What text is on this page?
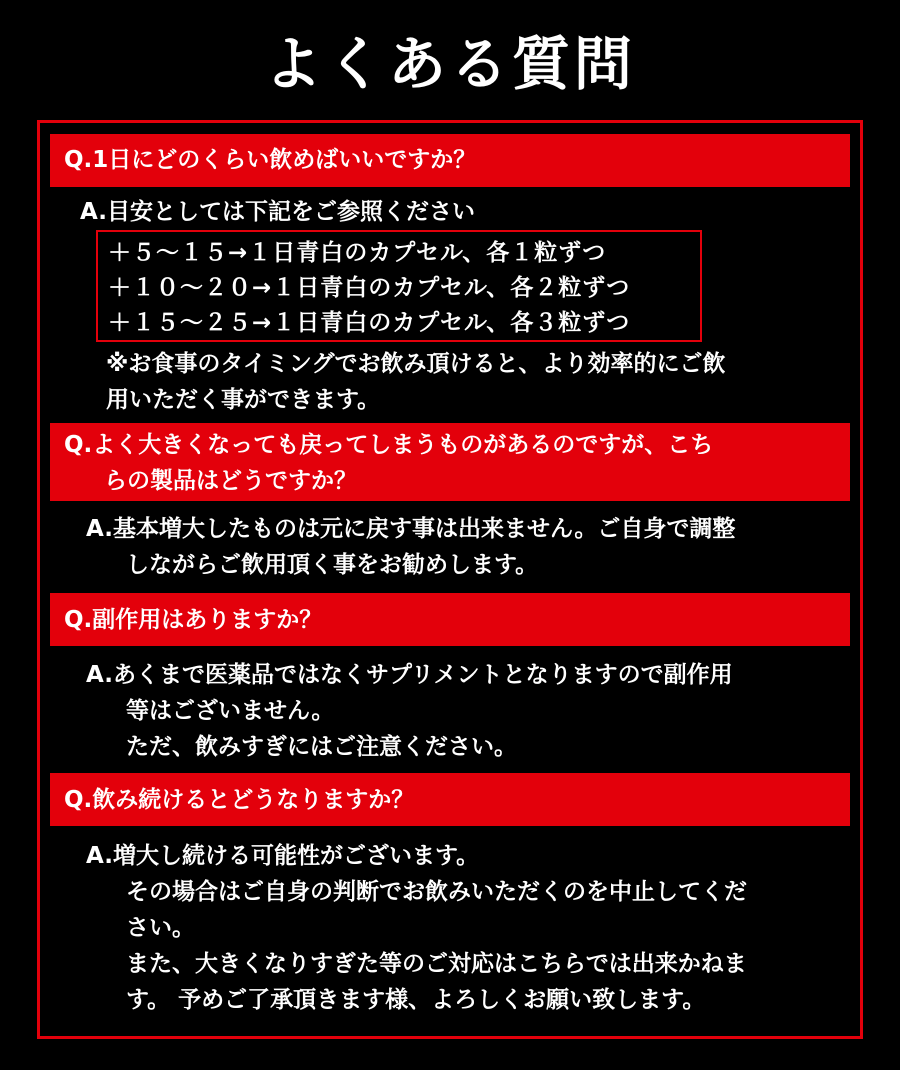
よくある質問
Q.1日にどのくらい飲めばいいですか？
A.目安としては下記をご参照ください
＋５～１５→１日青白のカプセル、各１粒ずつ
＋１０～２０→１日青白のカプセル、各２粒ずつ
＋１５～２５→１日青白のカプセル、各３粒ずつ
※お食事のタイミングでお飲み頂けると、より効率的にご飲
用いただく事ができます。
Q.よく大きくなっても戻ってしまうものがあるのですが、こち
らの製品はどうですか？
A.基本増大したものは元に戻す事は出来ません。ご自身で調整
しながらご飲用頂く事をお勧めします。
Q.副作用はありますか？
A.あくまで医薬品ではなくサプリメントとなりますので副作用
等はございません。
ただ、飲みすぎにはご注意ください。
Q.飲み続けるとどうなりますか？
A.増大し続ける可能性がございます。
その場合はご自身の判断でお飲みいただくのを中止してくだ
さい。
また、大きくなりすぎた等のご対応はこちらでは出来かねま
す。 予めご了承頂きます様、よろしくお願い致します。
